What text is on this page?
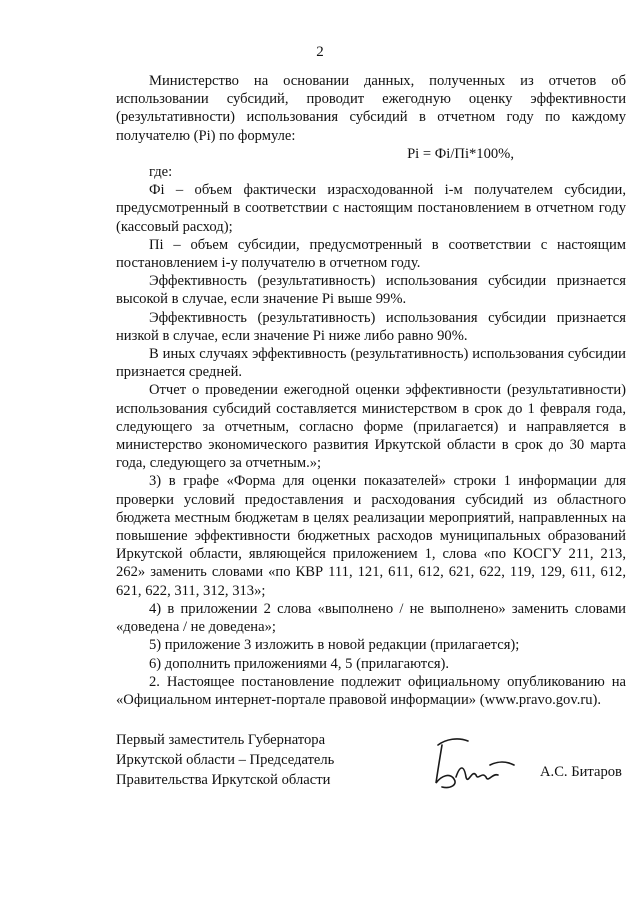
2

Министерство на основании данных, полученных из отчетов об использовании субсидий, проводит ежегодную оценку эффективности (результативности) использования субсидий в отчетном году по каждому получателю (Рi) по формуле:

Рi = Фi/Пi*100%,

где:

Фi – объем фактически израсходованной i-м получателем субсидии, предусмотренный в соответствии с настоящим постановлением в отчетном году (кассовый расход);

Пi – объем субсидии, предусмотренный в соответствии с настоящим постановлением i-у получателю в отчетном году.

Эффективность (результативность) использования субсидии признается высокой в случае, если значение Рi выше 99%.

Эффективность (результативность) использования субсидии признается низкой в случае, если значение Рi ниже либо равно 90%.

В иных случаях эффективность (результативность) использования субсидии признается средней.

Отчет о проведении ежегодной оценки эффективности (результативности) использования субсидий составляется министерством в срок до 1 февраля года, следующего за отчетным, согласно форме (прилагается) и направляется в министерство экономического развития Иркутской области в срок до 30 марта года, следующего за отчетным.»;

3) в графе «Форма для оценки показателей» строки 1 информации для проверки условий предоставления и расходования субсидий из областного бюджета местным бюджетам в целях реализации мероприятий, направленных на повышение эффективности бюджетных расходов муниципальных образований Иркутской области, являющейся приложением 1, слова «по КОСГУ 211, 213, 262» заменить словами «по КВР 111, 121, 611, 612, 621, 622, 119, 129, 611, 612, 621, 622, 311, 312, 313»;

4) в приложении 2 слова «выполнено / не выполнено» заменить словами «доведена / не доведена»;

5) приложение 3 изложить в новой редакции (прилагается);

6) дополнить приложениями 4, 5 (прилагаются).

2. Настоящее постановление подлежит официальному опубликованию на «Официальном интернет-портале правовой информации» (www.pravo.gov.ru).

Первый заместитель Губернатора
Иркутской области – Председатель
Правительства Иркутской области	А.С. Битаров
